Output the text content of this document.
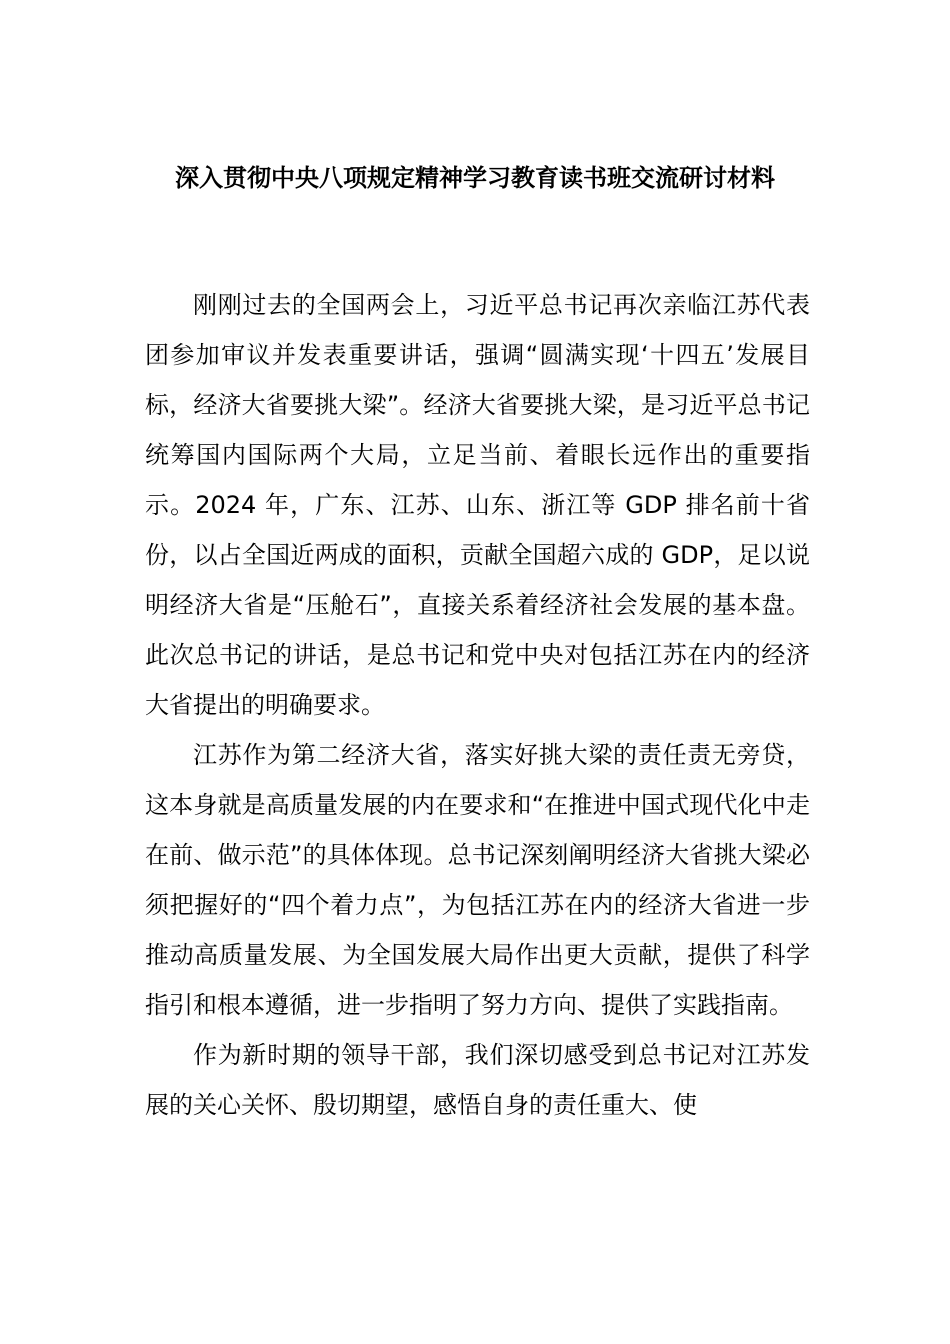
深入贯彻中央八项规定精神学习教育读书班交流研讨材料

刚刚过去的全国两会上，习近平总书记再次亲临江苏代表团参加审议并发表重要讲话，强调“圆满实现‘十四五’发展目标，经济大省要挑大梁”。经济大省要挑大梁，是习近平总书记统筹国内国际两个大局，立足当前、着眼长远作出的重要指示。2024 年，广东、江苏、山东、浙江等 GDP 排名前十省份，以占全国近两成的面积，贡献全国超六成的 GDP，足以说明经济大省是“压舱石”，直接关系着经济社会发展的基本盘。此次总书记的讲话，是总书记和党中央对包括江苏在内的经济大省提出的明确要求。

江苏作为第二经济大省，落实好挑大梁的责任责无旁贷，这本身就是高质量发展的内在要求和“在推进中国式现代化中走在前、做示范”的具体体现。总书记深刻阐明经济大省挑大梁必须把握好的“四个着力点”，为包括江苏在内的经济大省进一步推动高质量发展、为全国发展大局作出更大贡献，提供了科学指引和根本遵循，进一步指明了努力方向、提供了实践指南。

作为新时期的领导干部，我们深切感受到总书记对江苏发展的关心关怀、殷切期望，感悟自身的责任重大、使
